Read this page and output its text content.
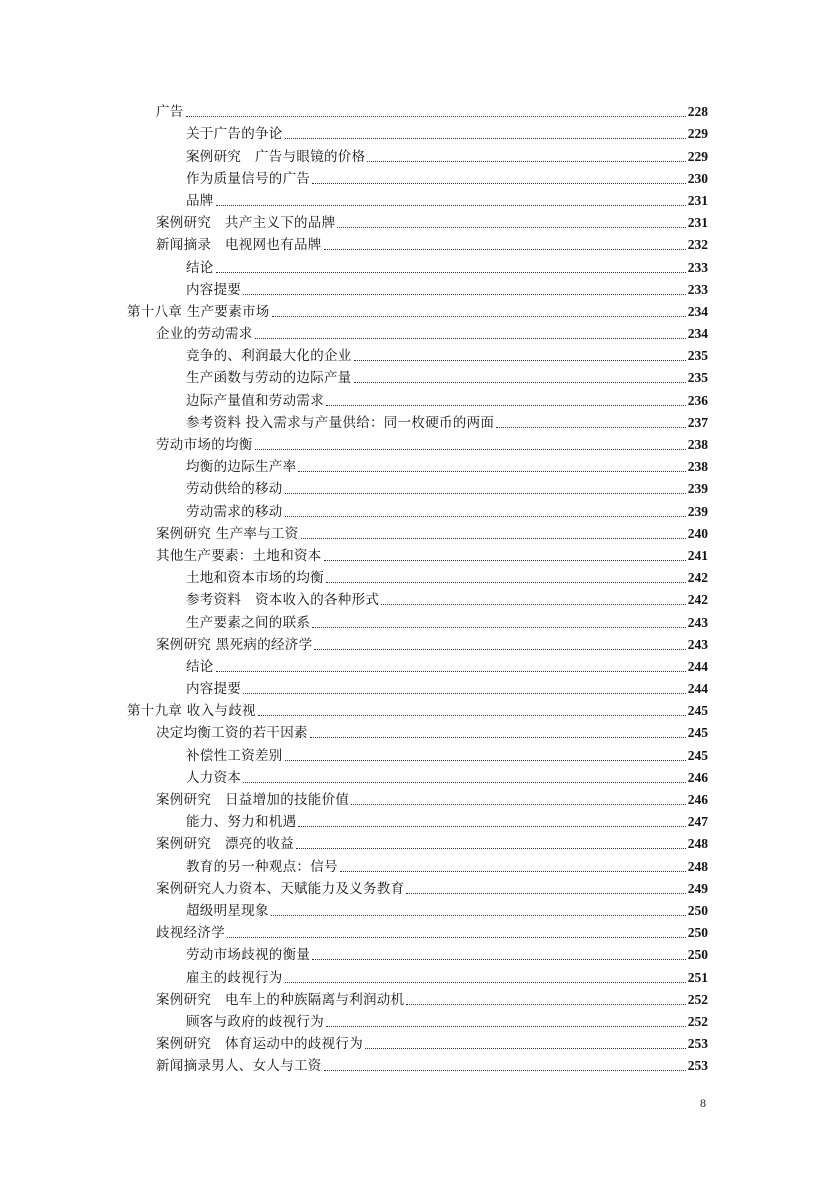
广告	228
关于广告的争论	229
案例研究　广告与眼镜的价格	229
作为质量信号的广告	230
品牌	231
案例研究　共产主义下的品牌	231
新闻摘录　电视网也有品牌	232
结论	233
内容提要	233
第十八章 生产要素市场	234
企业的劳动需求	234
竞争的、利润最大化的企业	235
生产函数与劳动的边际产量	235
边际产量值和劳动需求	236
参考资料 投入需求与产量供给：同一枚硬币的两面	237
劳动市场的均衡	238
均衡的边际生产率	238
劳动供给的移动	239
劳动需求的移动	239
案例研究 生产率与工资	240
其他生产要素：土地和资本	241
土地和资本市场的均衡	242
参考资料　资本收入的各种形式	242
生产要素之间的联系	243
案例研究 黑死病的经济学	243
结论	244
内容提要	244
第十九章 收入与歧视	245
决定均衡工资的若干因素	245
补偿性工资差别	245
人力资本	246
案例研究　日益增加的技能价值	246
能力、努力和机遇	247
案例研究　漂亮的收益	248
教育的另一种观点：信号	248
案例研究人力资本、天赋能力及义务教育	249
超级明星现象	250
歧视经济学	250
劳动市场歧视的衡量	250
雇主的歧视行为	251
案例研究　电车上的种族隔离与利润动机	252
顾客与政府的歧视行为	252
案例研究　体育运动中的歧视行为	253
新闻摘录男人、女人与工资	253
8
